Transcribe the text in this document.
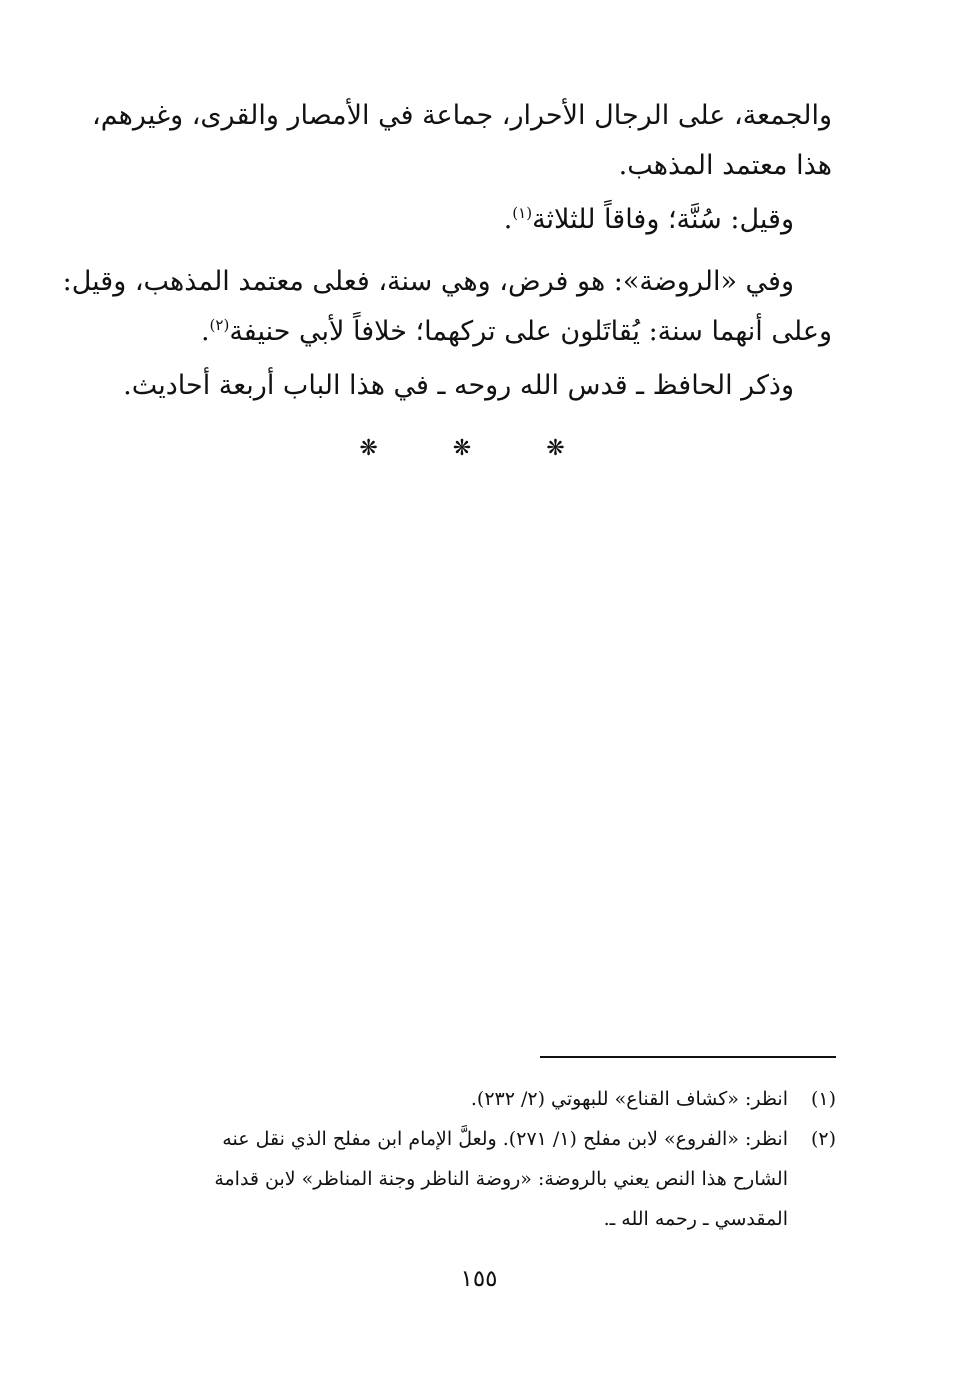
والجمعة، على الرجال الأحرار، جماعة في الأمصار والقرى، وغيرهم،
هذا معتمد المذهب.
وقيل: سُنَّة؛ وفاقاً للثلاثة$^{(١)}$.
وفي «الروضة»: هو فرض، وهي سنة، فعلى معتمد المذهب، وقيل:
وعلى أنهما سنة: يُقاتَلون على تركهما؛ خلافاً لأبي حنيفة$^{(٢)}$.
وذكر الحافظ ـ قدس الله روحه ـ في هذا الباب أربعة أحاديث.
❋ ❋ ❋
(١)
انظر: «كشاف القناع» للبهوتي (٢/ ٢٣٢).
(٢)
انظر: «الفروع» لابن مفلح (١/ ٢٧١). ولعلَّ الإمام ابن مفلح الذي نقل عنه
الشارح هذا النص يعني بالروضة: «روضة الناظر وجنة المناظر» لابن قدامة
المقدسي ـ رحمه الله ـ.
١٥٥
